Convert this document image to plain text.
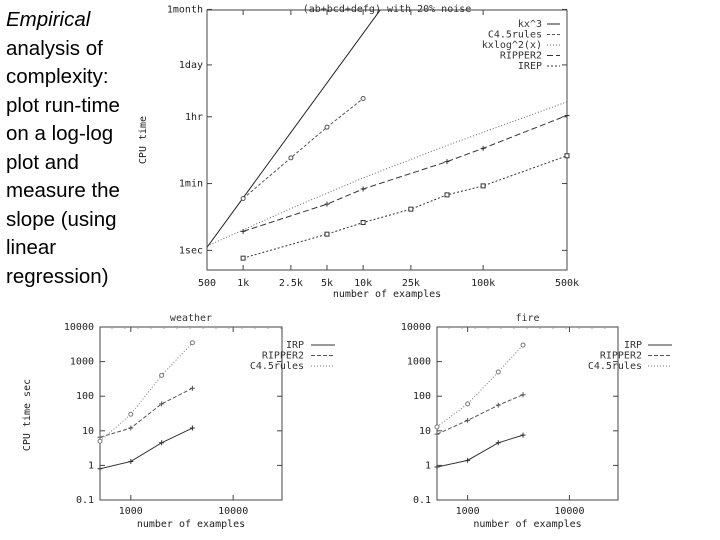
Empirical
analysis of complexity: plot run-time on a log-log plot and measure the slope (using linear regression)
(ab+bcd+defg) with 20% noise
500 1k	2.5k 5k 10k	25k	100k	500k
1sec
1min
1hr
1day
1month
number of examples
CPU time
kx^3
C4.5rules
kxlog^2(x)
RIPPER2
IREP
weather
1000	10000
0.1
1
10
100
1000
10000
number of examples
CPU time sec
IRP
RIPPER2
C4.5rules
fire
1000	10000
0.1
1
10
100
1000
10000
number of examples
IRP
RIPPER2
C4.5rules
